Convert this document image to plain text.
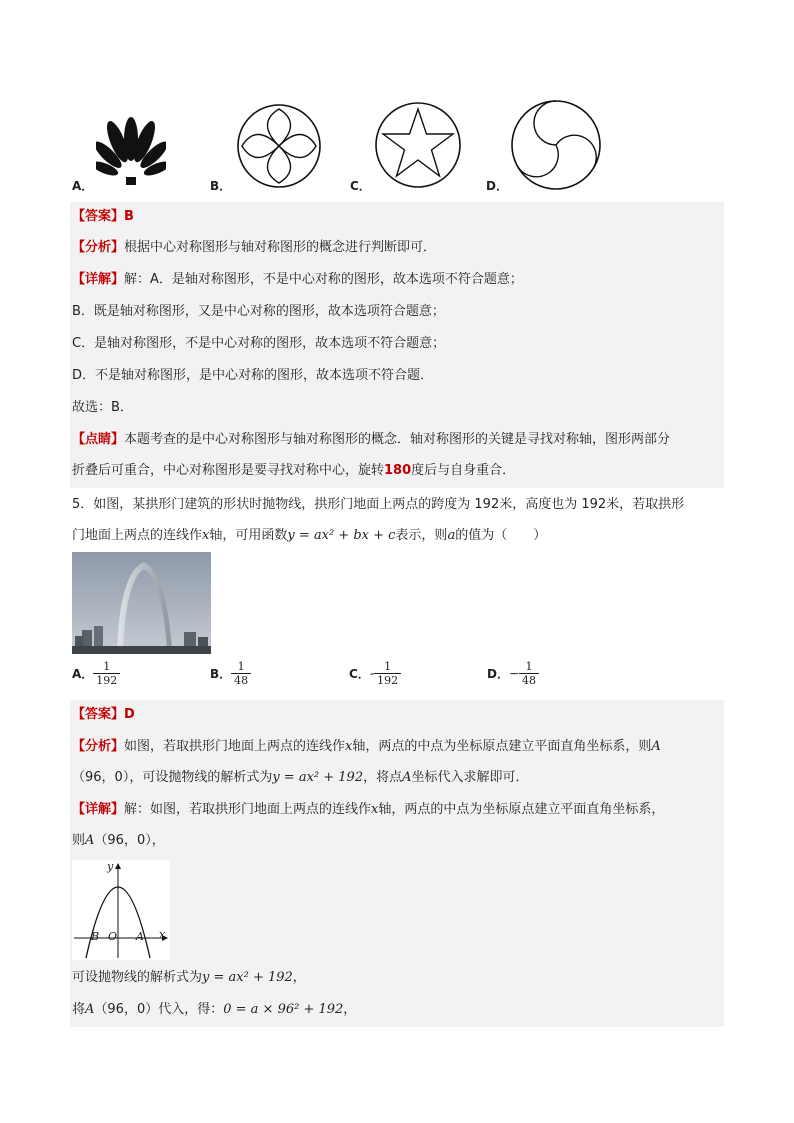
A．	B．	C．	D．
【答案】B
【分析】根据中心对称图形与轴对称图形的概念进行判断即可．
【详解】解：A．是轴对称图形，不是中心对称的图形，故本选项不符合题意；
B．既是轴对称图形，又是中心对称的图形，故本选项符合题意；
C．是轴对称图形，不是中心对称的图形，故本选项不符合题意；
D．不是轴对称图形，是中心对称的图形，故本选项不符合题．
故选：B．
【点睛】本题考查的是中心对称图形与轴对称图形的概念．轴对称图形的关键是寻找对称轴，图形两部分
折叠后可重合，中心对称图形是要寻找对称中心，旋转180度后与自身重合．
5．如图，某拱形门建筑的形状时抛物线，拱形门地面上两点的跨度为 192米，高度也为 192米，若取拱形
门地面上两点的连线作x轴，可用函数y = ax² + bx + c表示，则a的值为（　　）
A． $\frac{1}{192}$	B． $\frac{1}{48}$	C．- $\frac{1}{192}$	D．− $\frac{1}{48}$
【答案】D
【分析】如图，若取拱形门地面上两点的连线作x轴，两点的中点为坐标原点建立平面直角坐标系，则A
（96，0），可设抛物线的解析式为y = ax² + 192，将点A坐标代入求解即可．
【详解】解：如图，若取拱形门地面上两点的连线作x轴，两点的中点为坐标原点建立平面直角坐标系，
则A（96，0），
y
x
B O A
可设抛物线的解析式为y = ax² + 192，
将A（96，0）代入，得：0 = a × 96² + 192，
